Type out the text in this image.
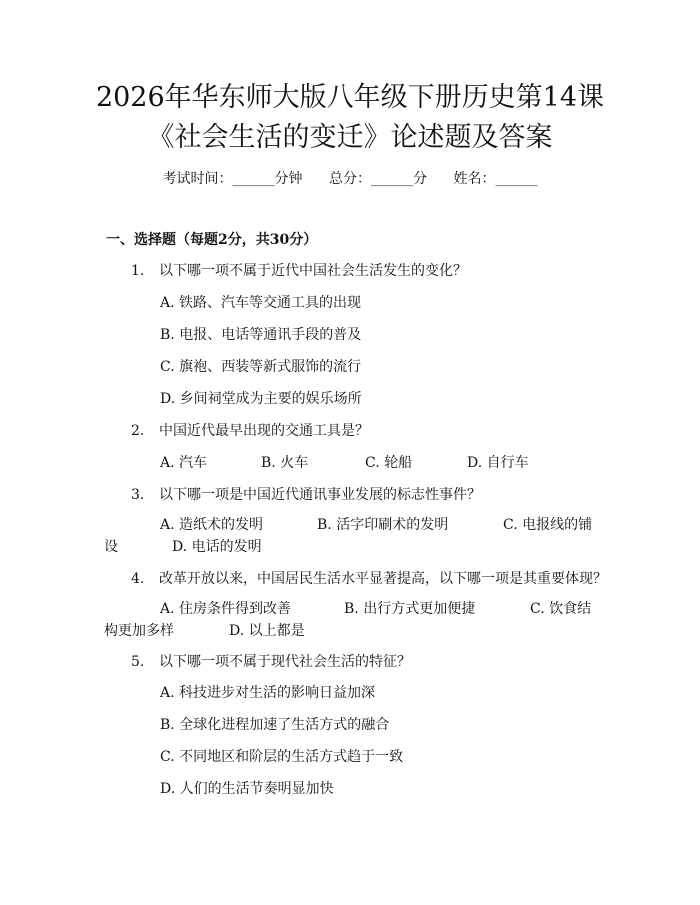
2026年华东师大版八年级下册历史第14课
《社会生活的变迁》论述题及答案
考试时间：______分钟 总分：______分 姓名：______
一、选择题（每题2分，共30分）
1. 以下哪一项不属于近代中国社会生活发生的变化？
A. 铁路、汽车等交通工具的出现
B. 电报、电话等通讯手段的普及
C. 旗袍、西装等新式服饰的流行
D. 乡间祠堂成为主要的娱乐场所
2. 中国近代最早出现的交通工具是？
A. 汽车	B. 火车	C. 轮船	D. 自行车
3. 以下哪一项是中国近代通讯事业发展的标志性事件？
A. 造纸术的发明	B. 活字印刷术的发明	C. 电报线的铺
设	D. 电话的发明
4. 改革开放以来，中国居民生活水平显著提高，以下哪一项是其重要体现？
A. 住房条件得到改善	B. 出行方式更加便捷	C. 饮食结
构更加多样	D. 以上都是
5. 以下哪一项不属于现代社会生活的特征？
A. 科技进步对生活的影响日益加深
B. 全球化进程加速了生活方式的融合
C. 不同地区和阶层的生活方式趋于一致
D. 人们的生活节奏明显加快
